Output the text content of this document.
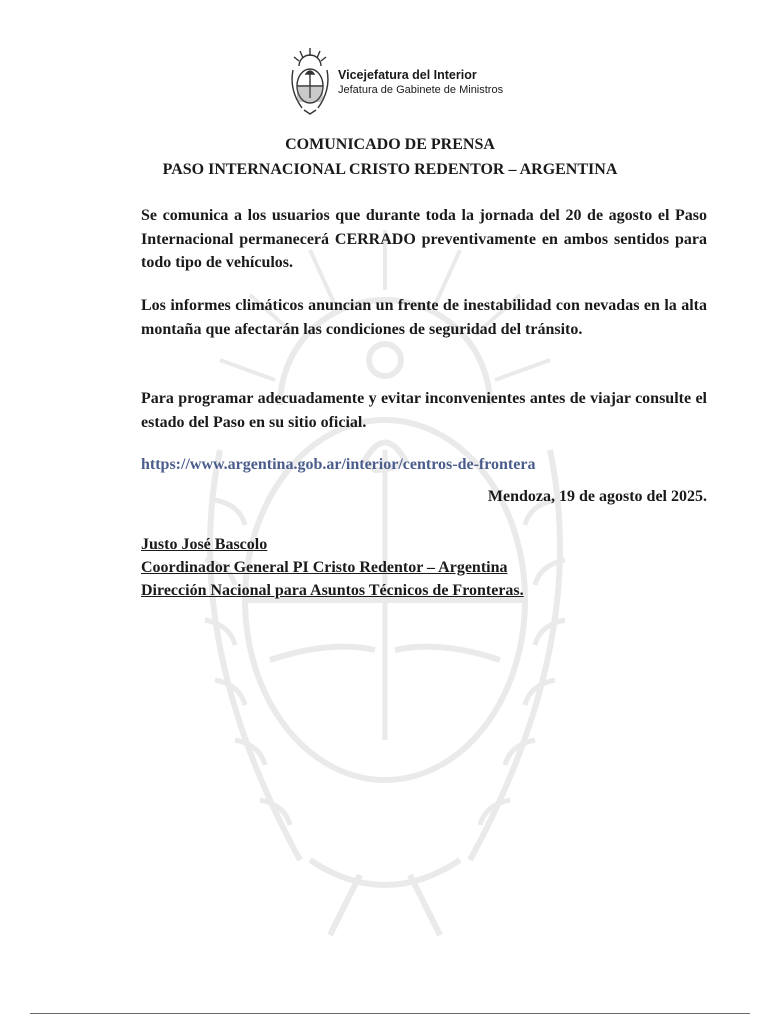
Vicejefatura del Interior
Jefatura de Gabinete de Ministros
COMUNICADO DE PRENSA
PASO INTERNACIONAL CRISTO REDENTOR – ARGENTINA

Se comunica a los usuarios que durante toda la jornada del 20 de agosto el Paso Internacional permanecerá CERRADO preventivamente en ambos sentidos para todo tipo de vehículos.

Los informes climáticos anuncian un frente de inestabilidad con nevadas en la alta montaña que afectarán las condiciones de seguridad del tránsito.

Para programar adecuadamente y evitar inconvenientes antes de viajar consulte el estado del Paso en su sitio oficial.

https://www.argentina.gob.ar/interior/centros-de-frontera
Mendoza, 19 de agosto del 2025.
Justo José Bascolo
Coordinador General PI Cristo Redentor – Argentina
Dirección Nacional para Asuntos Técnicos de Fronteras.
